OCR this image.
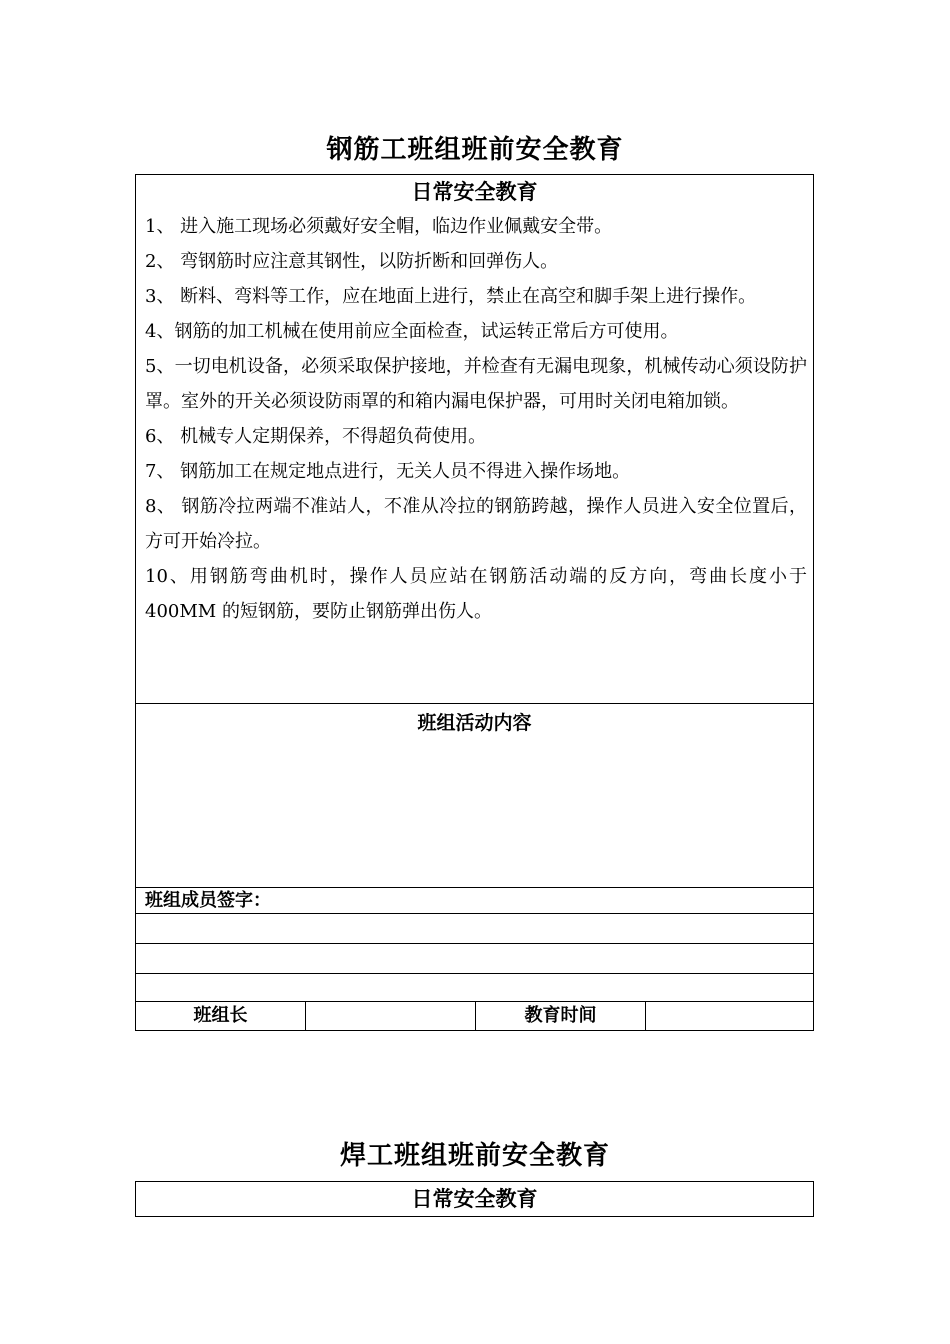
钢筋工班组班前安全教育
日常安全教育
1、 进入施工现场必须戴好安全帽，临边作业佩戴安全带。
2、 弯钢筋时应注意其钢性，以防折断和回弹伤人。
3、 断料、弯料等工作，应在地面上进行，禁止在高空和脚手架上进行操作。
4、钢筋的加工机械在使用前应全面检查，试运转正常后方可使用。
5、一切电机设备，必须采取保护接地，并检查有无漏电现象，机械传动心须设防护罩。室外的开关必须设防雨罩的和箱内漏电保护器，可用时关闭电箱加锁。
6、 机械专人定期保养，不得超负荷使用。
7、 钢筋加工在规定地点进行，无关人员不得进入操作场地。
8、 钢筋冷拉两端不准站人，不准从冷拉的钢筋跨越，操作人员进入安全位置后，方可开始冷拉。
10、用钢筋弯曲机时，操作人员应站在钢筋活动端的反方向，弯曲长度小于 400MM 的短钢筋，要防止钢筋弹出伤人。
班组活动内容
班组成员签字：
班组长	教育时间
焊工班组班前安全教育
日常安全教育
